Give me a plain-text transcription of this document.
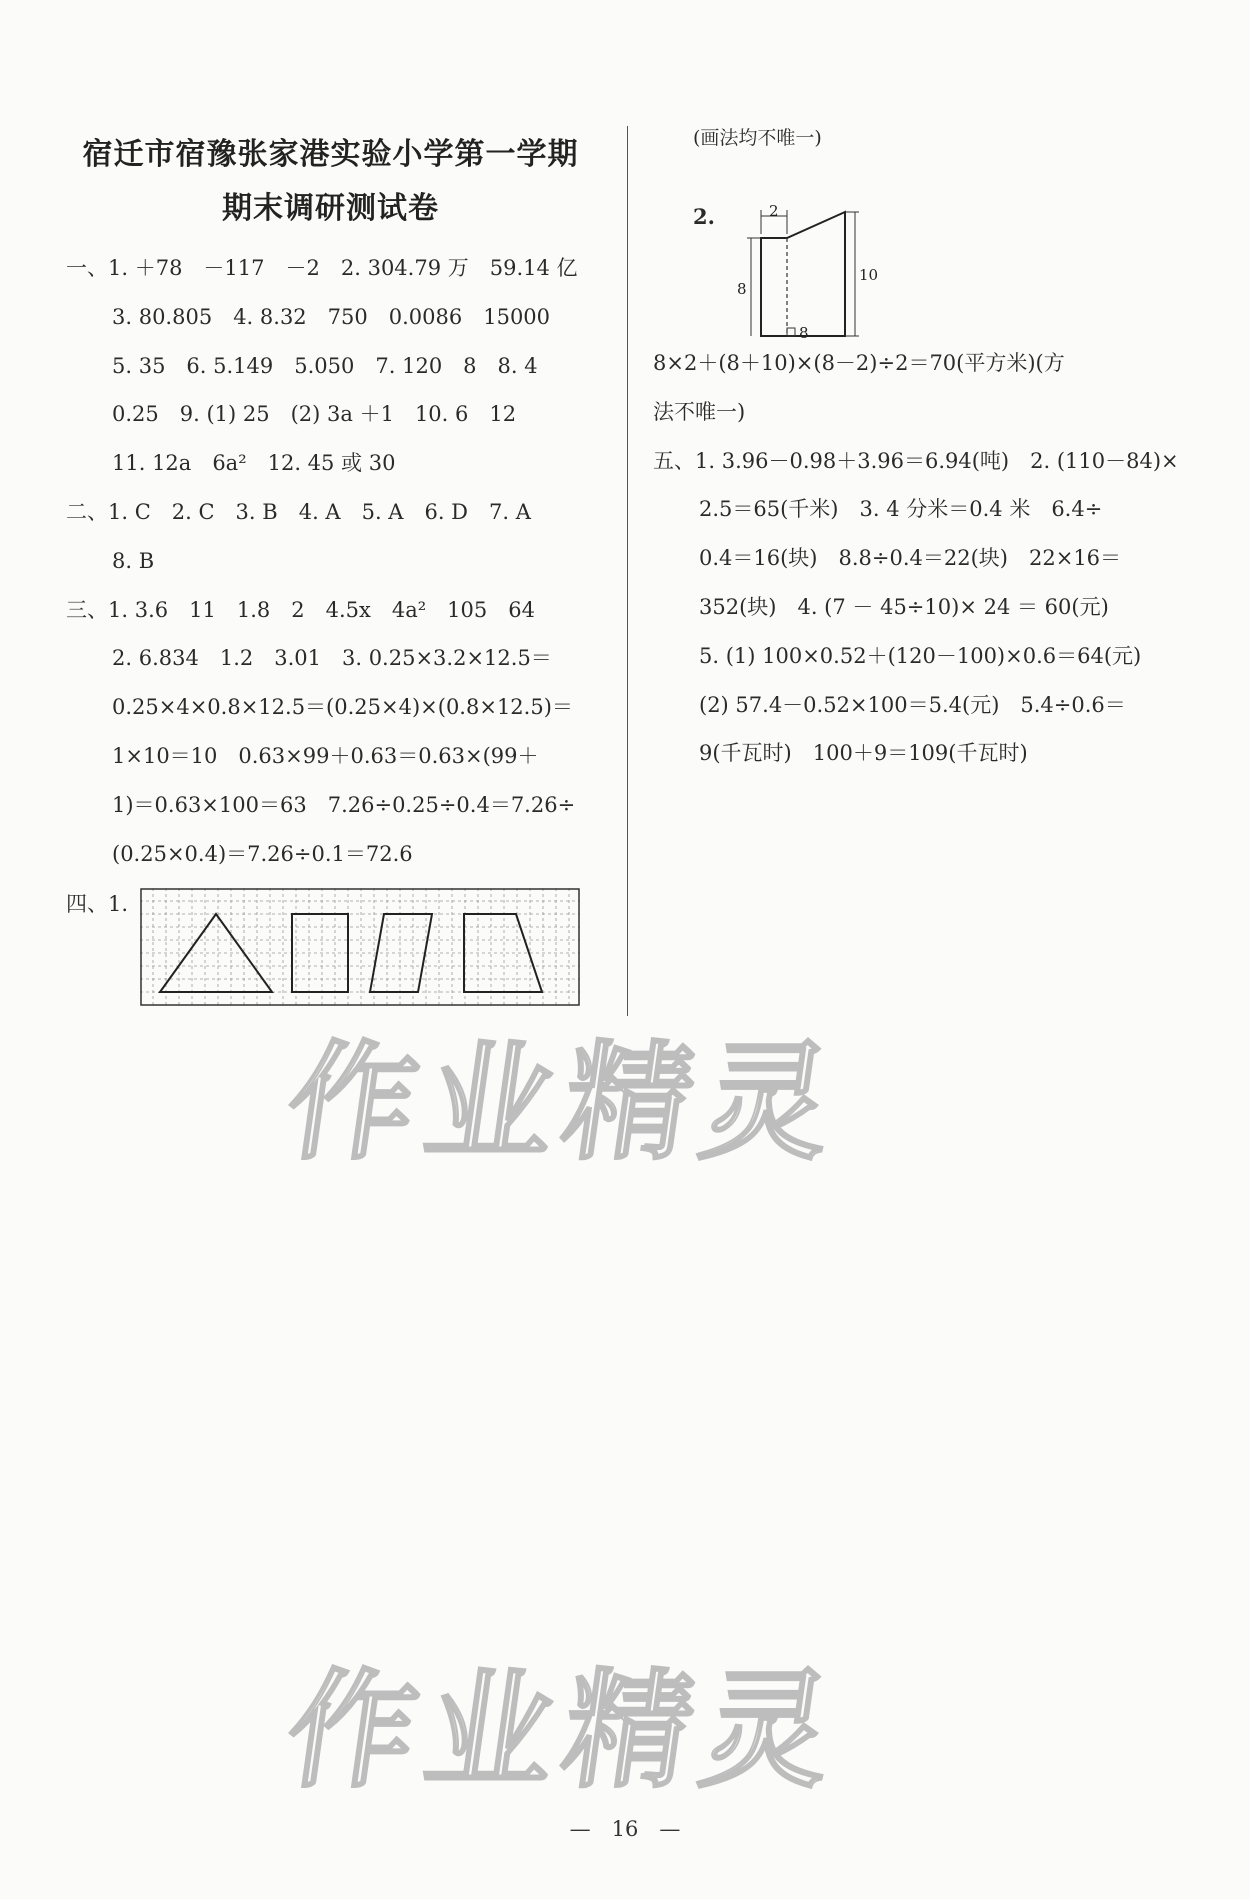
宿迁市宿豫张家港实验小学第一学期
期末调研测试卷
一、1. ＋78　－117　－2　2. 304.79 万　59.14 亿
3. 80.805　4. 8.32　750　0.0086　15000
5. 35　6. 5.149　5.050　7. 120　8　8. 4
0.25　9. (1) 25　(2) 3a ＋1　10. 6　12
11. 12a　6a²　12. 45 或 30
二、1. C　2. C　3. B　4. A　5. A　6. D　7. A
8. B
三、1. 3.6　11　1.8　2　4.5x　4a²　105　64
2. 6.834　1.2　3.01　3. 0.25×3.2×12.5＝
0.25×4×0.8×12.5＝(0.25×4)×(0.8×12.5)＝
1×10＝10　0.63×99＋0.63＝0.63×(99＋
1)＝0.63×100＝63　7.26÷0.25÷0.4＝7.26÷
(0.25×0.4)＝7.26÷0.1＝72.6
四、1.
(画法均不唯一)
2.	2
8
10
8
8×2＋(8＋10)×(8－2)÷2＝70(平方米)(方
法不唯一)
五、1. 3.96－0.98＋3.96＝6.94(吨)　2. (110－84)×
2.5＝65(千米)　3. 4 分米＝0.4 米　6.4÷
0.4＝16(块)　8.8÷0.4＝22(块)　22×16＝
352(块)　4. (7 － 45÷10)× 24 ＝ 60(元)
5. (1) 100×0.52＋(120－100)×0.6＝64(元)
(2) 57.4－0.52×100＝5.4(元)　5.4÷0.6＝
9(千瓦时)　100＋9＝109(千瓦时)
作业精灵
作业精灵
—　16　—
